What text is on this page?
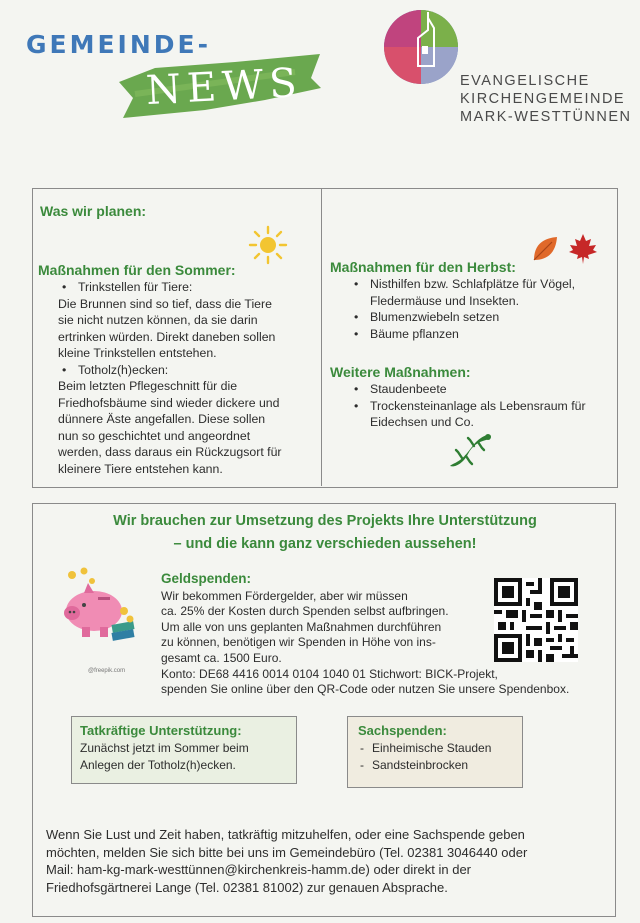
GEMEINDE-
NEWS	EVANGELISCHE
KIRCHENGEMEINDE
MARK-WESTTÜNNEN
Was wir planen:
Maßnahmen für den Sommer:
• Trinkstellen für Tiere:
Die Brunnen sind so tief, dass die Tiere
sie nicht nutzen können, da sie darin
ertrinken würden. Direkt daneben sollen
kleine Trinkstellen entstehen.
• Totholz(h)ecken:
Beim letzten Pflegeschnitt für die
Friedhofsbäume sind wieder dickere und
dünnere Äste angefallen. Diese sollen
nun so geschichtet und angeordnet
werden, dass daraus ein Rückzugsort für
kleinere Tiere entstehen kann.
Maßnahmen für den Herbst:
• Nisthilfen bzw. Schlafplätze für Vögel,
Fledermäuse und Insekten.
• Blumenzwiebeln setzen
• Bäume pflanzen
Weitere Maßnahmen:
• Staudenbeete
• Trockensteinanlage als Lebensraum für
Eidechsen und Co.
Wir brauchen zur Umsetzung des Projekts Ihre Unterstützung
– und die kann ganz verschieden aussehen!
@freepik.com
Geldspenden:
Wir bekommen Fördergelder, aber wir müssen
ca. 25% der Kosten durch Spenden selbst aufbringen.
Um alle von uns geplanten Maßnahmen durchführen
zu können, benötigen wir Spenden in Höhe von ins-
gesamt ca. 1500 Euro.
Konto: DE68 4416 0014 0104 1040 01 Stichwort: BICK-Projekt,
spenden Sie online über den QR-Code oder nutzen Sie unsere Spendenbox.
Tatkräftige Unterstützung:
Zunächst jetzt im Sommer beim
Anlegen der Totholz(h)ecken.
Sachspenden:
- Einheimische Stauden
- Sandsteinbrocken
Wenn Sie Lust und Zeit haben, tatkräftig mitzuhelfen, oder eine Sachspende geben
möchten, melden Sie sich bitte bei uns im Gemeindebüro (Tel. 02381 3046440 oder
Mail: ham-kg-mark-westtünnen@kirchenkreis-hamm.de) oder direkt in der
Friedhofsgärtnerei Lange (Tel. 02381 81002) zur genauen Absprache.
